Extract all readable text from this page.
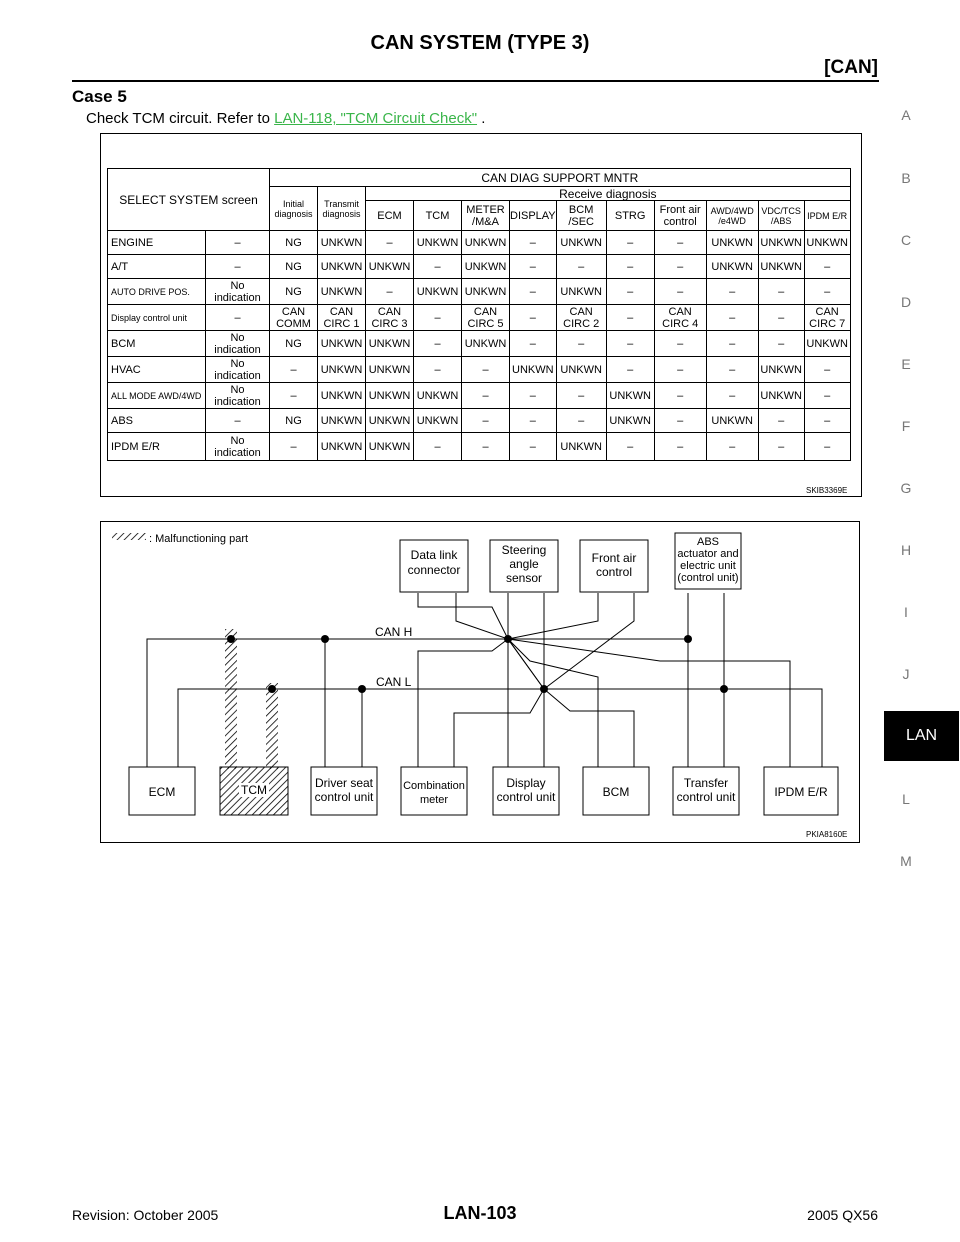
CAN SYSTEM (TYPE 3)
[CAN]
Case 5
Check TCM circuit. Refer to LAN-118, "TCM Circuit Check" .	A
B
C
D
E
F
G
H
I
J
LAN
L
M
SELECT SYSTEM screen		CAN DIAG SUPPORT MNTR											
		Initial diagnosis	Transmit diagnosis	Receive diagnosis									
				ECM	TCM	METER /M&A	DISPLAY	BCM /SEC	STRG	Front air control	AWD/4WD /e4WD	VDC/TCS /ABS	IPDM E/R
ENGINE	–	NG	UNKWN	–	UNKWN	UNKWN	–	UNKWN	–	–	UNKWN	UNKWN	UNKWN
A/T	–	NG	UNKWN	UNKWN	–	UNKWN	–	–	–	–	UNKWN	UNKWN	–
AUTO DRIVE POS.	No indication	NG	UNKWN	–	UNKWN	UNKWN	–	UNKWN	–	–	–	–	–
Display control unit	–	CAN COMM	CAN CIRC 1	CAN CIRC 3	–	CAN CIRC 5	–	CAN CIRC 2	–	CAN CIRC 4	–	–	CAN CIRC 7
BCM	No indication	NG	UNKWN	UNKWN	–	UNKWN	–	–	–	–	–	–	UNKWN
HVAC	No indication	–	UNKWN	UNKWN	–	–	UNKWN	UNKWN	–	–	–	UNKWN	–
ALL MODE AWD/4WD	No indication	–	UNKWN	UNKWN	UNKWN	–	–	–	UNKWN	–	–	UNKWN	–
ABS	–	NG	UNKWN	UNKWN	UNKWN	–	–	–	UNKWN	–	UNKWN	–	–
IPDM E/R	No indication	–	UNKWN	UNKWN	–	–	–	UNKWN	–	–	–	–	–
SKIB3369E
: Malfunctioning part
CAN H
CAN L
Data link connector
Steering angle sensor
Front air control
ABS actuator and electric unit (control unit)
ECM	TCM	Driver seat control unit
Combination meter
Display control unit	BCM
Transfer control unit	IPDM E/R
PKIA8160E
Revision: October 2005	LAN-103	2005 QX56
